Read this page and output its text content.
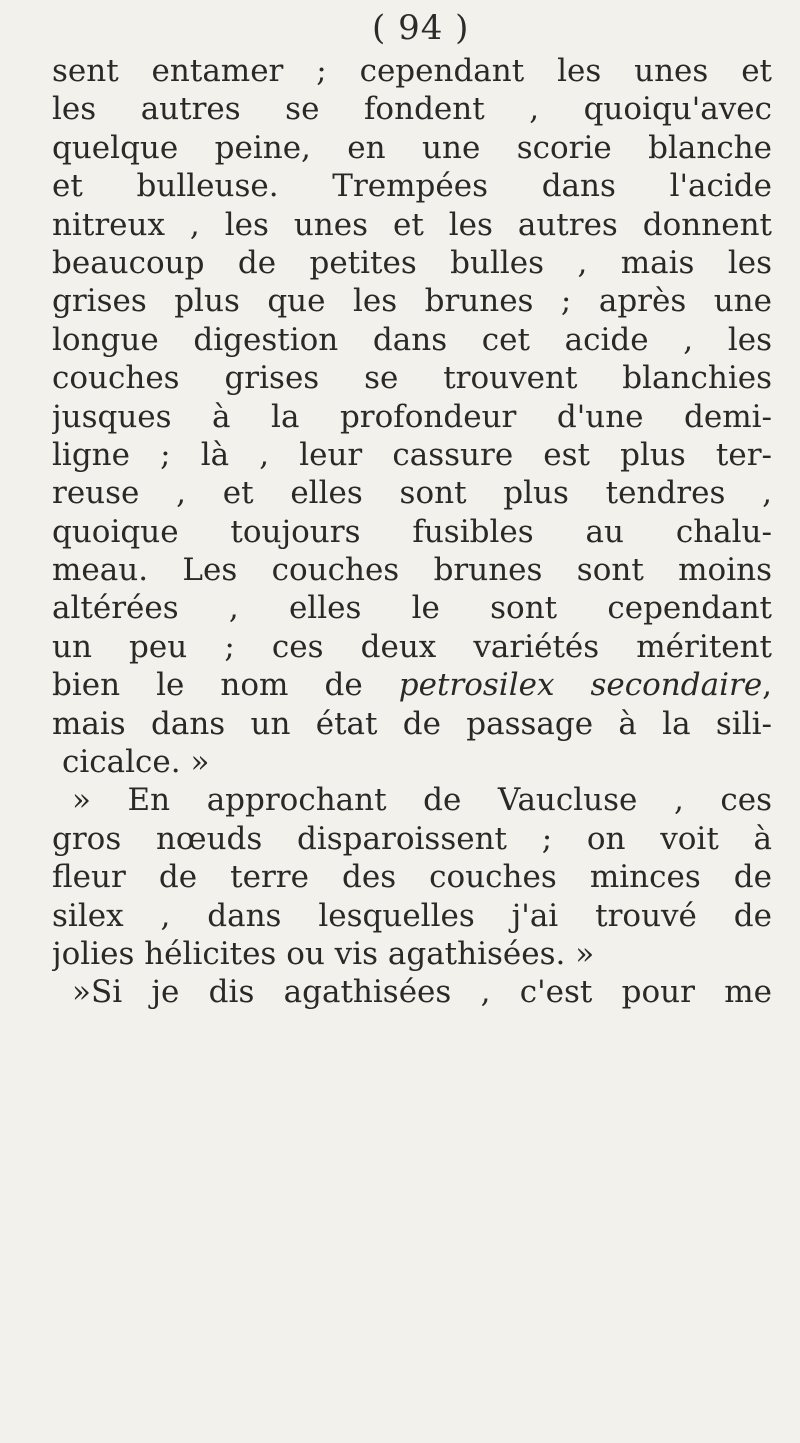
( 94 )
sent entamer ; cependant les unes et
les autres se fondent , quoiqu'avec
quelque peine, en une scorie blanche
et bulleuse. Trempées dans l'acide
nitreux , les unes et les autres donnent
beaucoup de petites bulles , mais les
grises plus que les brunes ; après une
longue digestion dans cet acide , les
couches grises se trouvent blanchies
jusques à la profondeur d'une demi-
ligne ; là , leur cassure est plus ter-
reuse , et elles sont plus tendres ,
quoique toujours fusibles au chalu-
meau. Les couches brunes sont moins
altérées , elles le sont cependant
un peu ; ces deux variétés méritent
bien le nom de petrosilex secondaire,
mais dans un état de passage à la sili-
cicalce. »
» En approchant de Vaucluse , ces
gros nœuds disparoissent ; on voit à
fleur de terre des couches minces de
silex , dans lesquelles j'ai trouvé de
jolies hélicites ou vis agathisées. »
»Si je dis agathisées , c'est pour me
